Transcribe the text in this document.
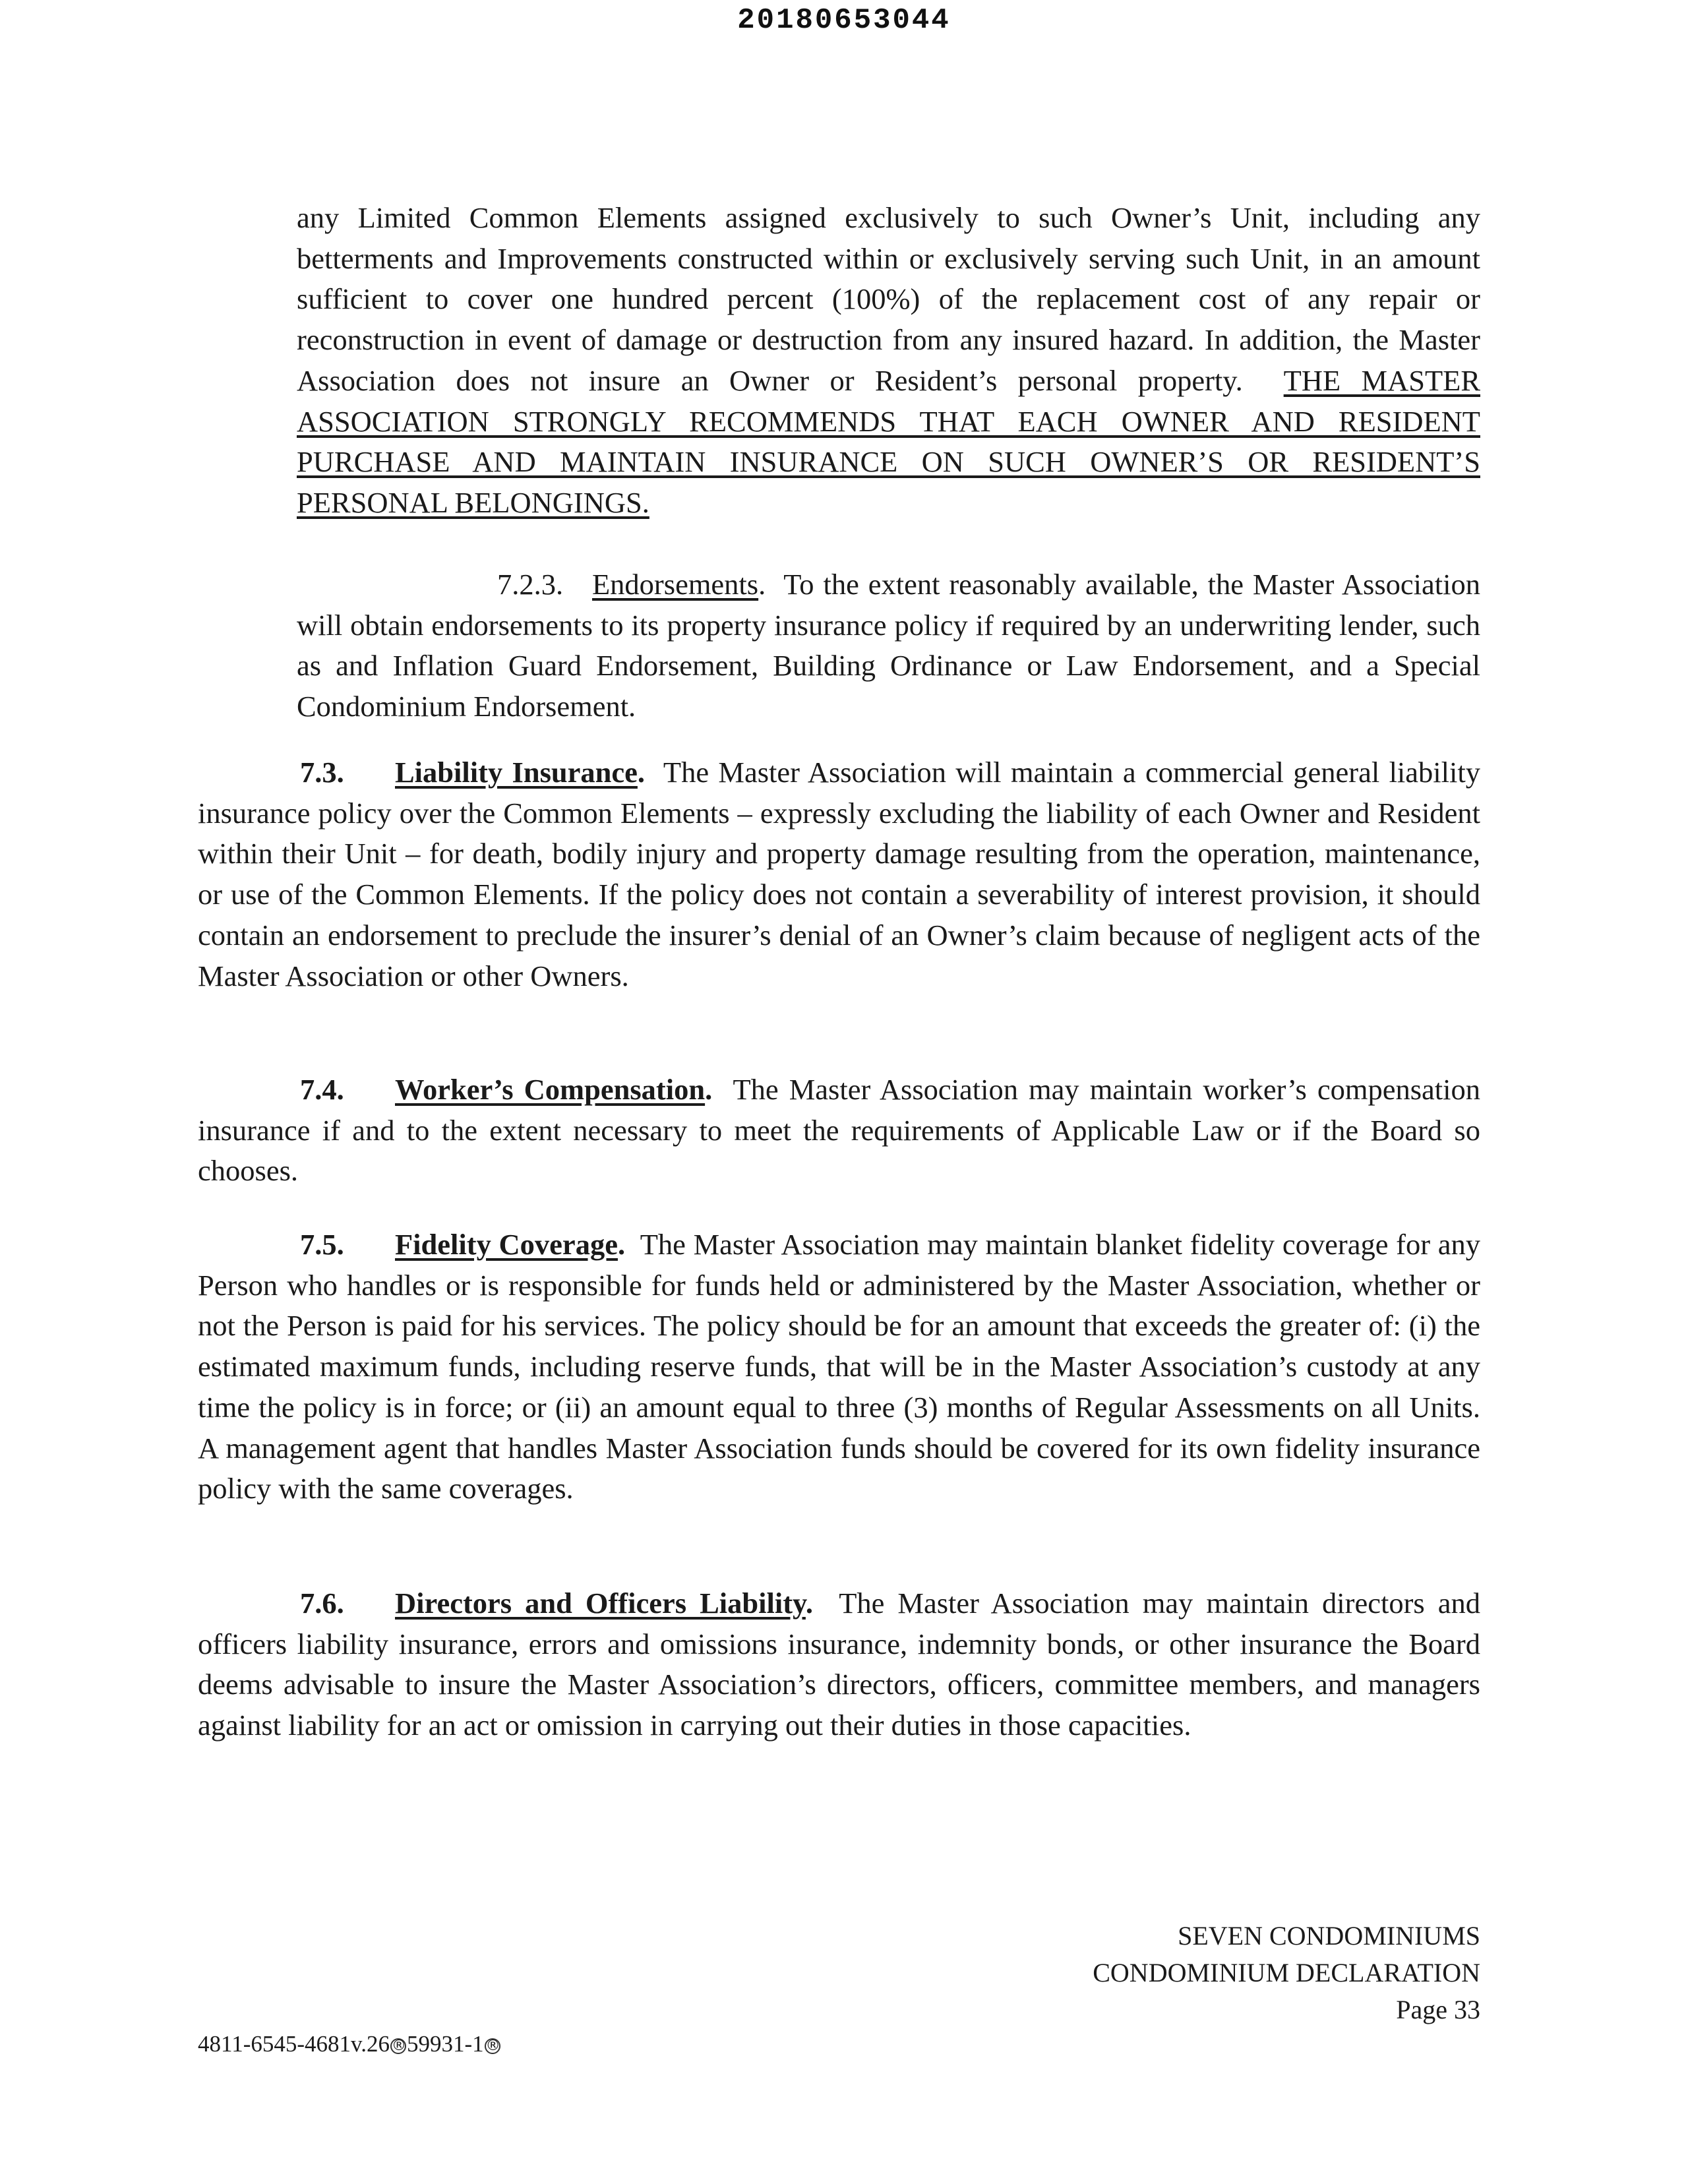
20180653044

any Limited Common Elements assigned exclusively to such Owner’s Unit, including any betterments and Improvements constructed within or exclusively serving such Unit, in an amount sufficient to cover one hundred percent (100%) of the replacement cost of any repair or reconstruction in event of damage or destruction from any insured hazard. In addition, the Master Association does not insure an Owner or Resident’s personal property. THE MASTER ASSOCIATION STRONGLY RECOMMENDS THAT EACH OWNER AND RESIDENT PURCHASE AND MAINTAIN INSURANCE ON SUCH OWNER’S OR RESIDENT’S PERSONAL BELONGINGS.

7.2.3. Endorsements.  To the extent reasonably available, the Master Association will obtain endorsements to its property insurance policy if required by an underwriting lender, such as and Inflation Guard Endorsement, Building Ordinance or Law Endorsement, and a Special Condominium Endorsement.

7.3. Liability Insurance. The Master Association will maintain a commercial general liability insurance policy over the Common Elements – expressly excluding the liability of each Owner and Resident within their Unit – for death, bodily injury and property damage resulting from the operation, maintenance, or use of the Common Elements. If the policy does not contain a severability of interest provision, it should contain an endorsement to preclude the insurer’s denial of an Owner’s claim because of negligent acts of the Master Association or other Owners.

7.4. Worker’s Compensation. The Master Association may maintain worker’s compensation insurance if and to the extent necessary to meet the requirements of Applicable Law or if the Board so chooses.

7.5. Fidelity Coverage. The Master Association may maintain blanket fidelity coverage for any Person who handles or is responsible for funds held or administered by the Master Association, whether or not the Person is paid for his services. The policy should be for an amount that exceeds the greater of: (i) the estimated maximum funds, including reserve funds, that will be in the Master Association’s custody at any time the policy is in force; or (ii) an amount equal to three (3) months of Regular Assessments on all Units. A management agent that handles Master Association funds should be covered for its own fidelity insurance policy with the same coverages.

7.6. Directors and Officers Liability. The Master Association may maintain directors and officers liability insurance, errors and omissions insurance, indemnity bonds, or other insurance the Board deems advisable to insure the Master Association’s directors, officers, committee members, and managers against liability for an act or omission in carrying out their duties in those capacities.

SEVEN CONDOMINIUMS
CONDOMINIUM DECLARATION
Page 33
4811-6545-4681v.26 ®59931-1 ®
